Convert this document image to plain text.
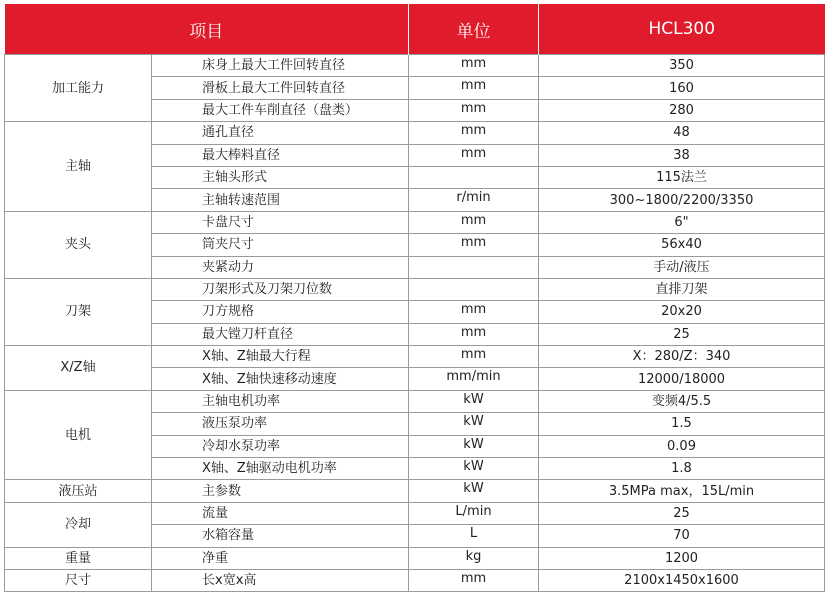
项目		单位	HCL300
加工能力	床身上最大工件回转直径	mm	350
	滑板上最大工件回转直径	mm	160
	最大工件车削直径（盘类）	mm	280
主轴	通孔直径	mm	48
	最大棒料直径	mm	38
	主轴头形式		115法兰
	主轴转速范围	r/min	300~1800/2200/3350
夹头	卡盘尺寸	mm	6"
	筒夹尺寸	mm	56x40
	夹紧动力		手动/液压
刀架	刀架形式及刀架刀位数		直排刀架
	刀方规格	mm	20x20
	最大镗刀杆直径	mm	25
X/Z轴	X轴、Z轴最大行程	mm	X：280/Z：340
	X轴、Z轴快速移动速度	mm/min	12000/18000
电机	主轴电机功率	kW	变频4/5.5
	液压泵功率	kW	1.5
	冷却水泵功率	kW	0.09
	X轴、Z轴驱动电机功率	kW	1.8
液压站	主参数	kW	3.5MPa max，15L/min
冷却	流量	L/min	25
	水箱容量	L	70
重量	净重	kg	1200
尺寸	长x宽x高	mm	2100x1450x1600
